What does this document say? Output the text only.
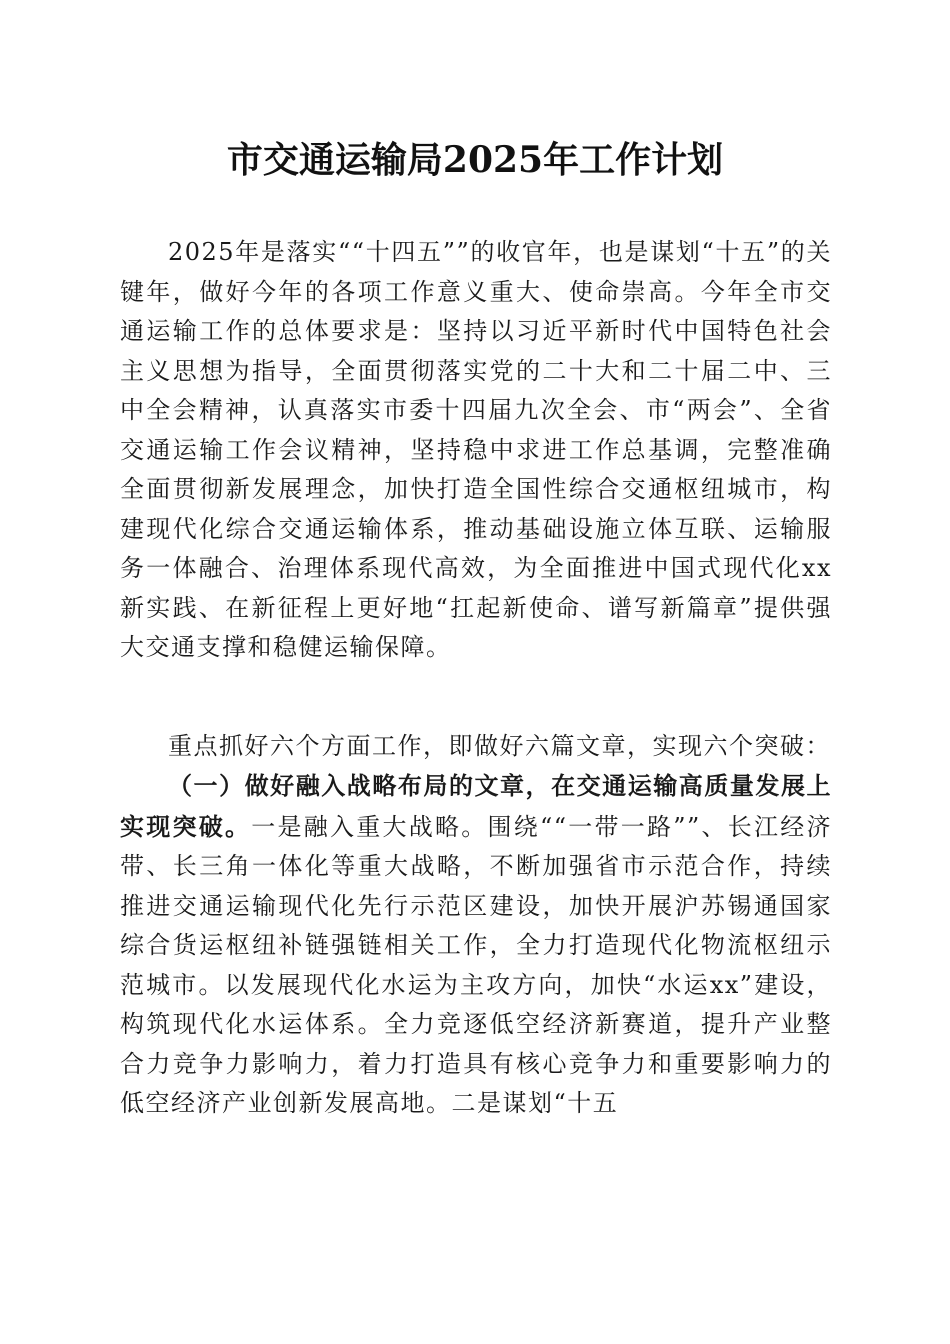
市交通运输局2025年工作计划

2025年是落实““十四五””的收官年，也是谋划“十五”的关键年，做好今年的各项工作意义重大、使命崇高。今年全市交通运输工作的总体要求是：坚持以习近平新时代中国特色社会主义思想为指导，全面贯彻落实党的二十大和二十届二中、三中全会精神，认真落实市委十四届九次全会、市“两会”、全省交通运输工作会议精神，坚持稳中求进工作总基调，完整准确全面贯彻新发展理念，加快打造全国性综合交通枢纽城市，构建现代化综合交通运输体系，推动基础设施立体互联、运输服务一体融合、治理体系现代高效，为全面推进中国式现代化xx新实践、在新征程上更好地“扛起新使命、谱写新篇章”提供强大交通支撑和稳健运输保障。

重点抓好六个方面工作，即做好六篇文章，实现六个突破：

（一）做好融入战略布局的文章，在交通运输高质量发展上实现突破。一是融入重大战略。围绕““一带一路””、长江经济带、长三角一体化等重大战略，不断加强省市示范合作，持续推进交通运输现代化先行示范区建设，加快开展沪苏锡通国家综合货运枢纽补链强链相关工作，全力打造现代化物流枢纽示范城市。以发展现代化水运为主攻方向，加快“水运xx”建设，构筑现代化水运体系。全力竞逐低空经济新赛道，提升产业整合力竞争力影响力，着力打造具有核心竞争力和重要影响力的低空经济产业创新发展高地。二是谋划“十五
